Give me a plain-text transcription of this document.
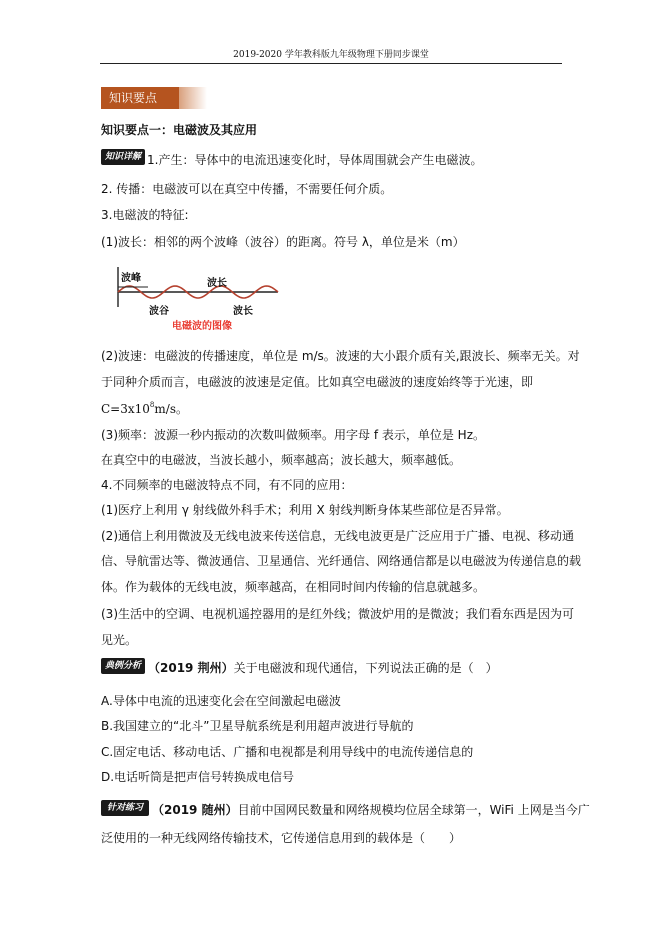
2019-2020 学年教科版九年级物理下册同步课堂
知识要点
知识要点一：电磁波及其应用
知识详解 1.产生：导体中的电流迅速变化时，导体周围就会产生电磁波。
2. 传播：电磁波可以在真空中传播，不需要任何介质。
3.电磁波的特征:
(1)波长：相邻的两个波峰（波谷）的距离。符号 λ，单位是米（m）
波峰
波谷
波长
波长
电磁波的图像
(2)波速：电磁波的传播速度，单位是 m/s。波速的大小跟介质有关,跟波长、频率无关。对
于同种介质而言，电磁波的波速是定值。比如真空电磁波的速度始终等于光速，即
$C=3x10^8m/s$。
(3)频率：波源一秒内振动的次数叫做频率。用字母 f 表示，单位是 Hz。
在真空中的电磁波，当波长越小，频率越高；波长越大，频率越低。
4.不同频率的电磁波特点不同，有不同的应用：
(1)医疗上利用 γ 射线做外科手术；利用 X 射线判断身体某些部位是否异常。
(2)通信上利用微波及无线电波来传送信息，无线电波更是广泛应用于广播、电视、移动通
信、导航雷达等、微波通信、卫星通信、光纤通信、网络通信都是以电磁波为传递信息的载
体。作为载体的无线电波，频率越高，在相同时间内传输的信息就越多。
(3)生活中的空调、电视机遥控器用的是红外线；微波炉用的是微波；我们看东西是因为可
见光。
典例分析 （2019 荆州）关于电磁波和现代通信，下列说法正确的是（　）
A.导体中电流的迅速变化会在空间激起电磁波
B.我国建立的“北斗”卫星导航系统是利用超声波进行导航的
C.固定电话、移动电话、广播和电视都是利用导线中的电流传递信息的
D.电话听筒是把声信号转换成电信号
针对练习 （2019 随州）目前中国网民数量和网络规模均位居全球第一，WiFi 上网是当今广
泛使用的一种无线网络传输技术，它传递信息用到的载体是（　　）
